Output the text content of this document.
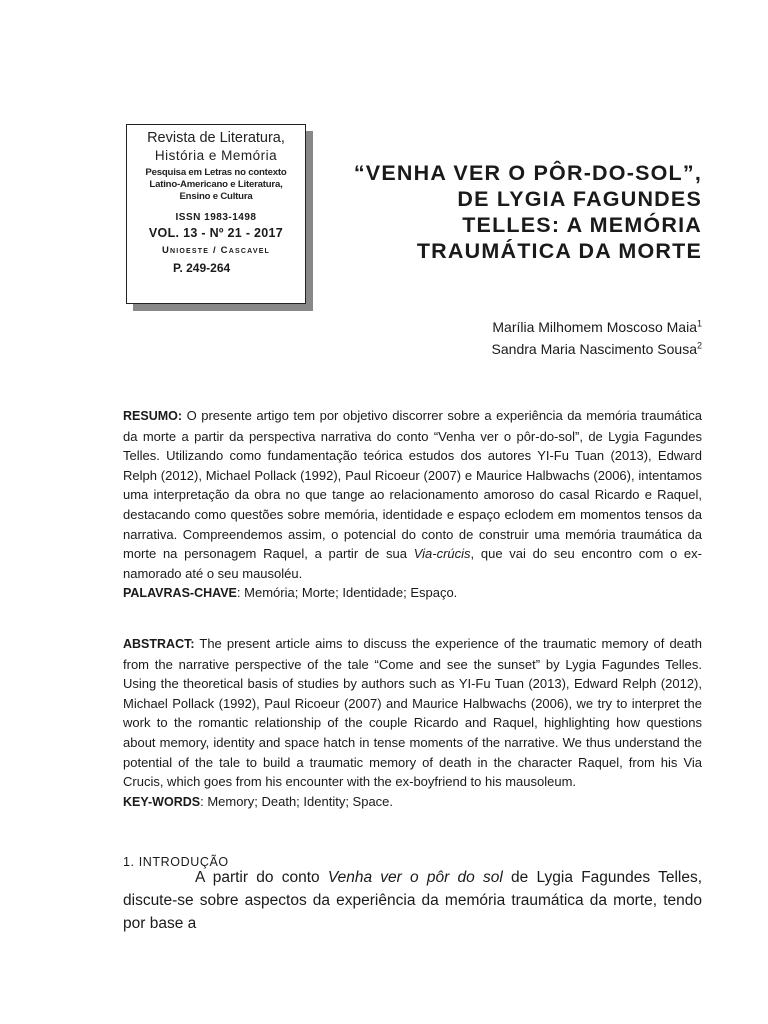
Revista de Literatura,
História e Memória
Pesquisa em Letras no contexto
Latino-Americano e Literatura,
Ensino e Cultura
ISSN 1983-1498
VOL. 13 - Nº 21 - 2017
Unioeste / Cascavel
P. 249-264
“VENHA VER O PÔR-DO-SOL”,
DE LYGIA FAGUNDES
TELLES: A MEMÓRIA
TRAUMÁTICA DA MORTE
Marília Milhomem Moscoso Maia$^1$
Sandra Maria Nascimento Sousa$^2$
RESUMO: O presente artigo tem por objetivo discorrer sobre a experiência da memória traumática da morte a partir da perspectiva narrativa do conto “Venha ver o pôr-do-sol”, de Lygia Fagundes Telles. Utilizando como fundamentação teórica estudos dos autores YI-Fu Tuan (2013), Edward Relph (2012), Michael Pollack (1992), Paul Ricoeur (2007) e Maurice Halbwachs (2006), intentamos uma interpretação da obra no que tange ao relacionamento amoroso do casal Ricardo e Raquel, destacando como questões sobre memória, identidade e espaço eclodem em momentos tensos da narrativa. Compreendemos assim, o potencial do conto de construir uma memória traumática da morte na personagem Raquel, a partir de sua Via-crúcis, que vai do seu encontro com o ex-namorado até o seu mausoléu.
PALAVRAS-CHAVE: Memória; Morte; Identidade; Espaço.
ABSTRACT: The present article aims to discuss the experience of the traumatic memory of death from the narrative perspective of the tale “Come and see the sunset” by Lygia Fagundes Telles. Using the theoretical basis of studies by authors such as YI-Fu Tuan (2013), Edward Relph (2012), Michael Pollack (1992), Paul Ricoeur (2007) and Maurice Halbwachs (2006), we try to interpret the work to the romantic relationship of the couple Ricardo and Raquel, highlighting how questions about memory, identity and space hatch in tense moments of the narrative. We thus understand the potential of the tale to build a traumatic memory of death in the character Raquel, from his Via Crucis, which goes from his encounter with the ex-boyfriend to his mausoleum.
KEY-WORDS: Memory; Death; Identity; Space.
1. INTRODUÇÃO

A partir do conto Venha ver o pôr do sol de Lygia Fagundes Telles, discute-se sobre aspectos da experiência da memória traumática da morte, tendo por base a
